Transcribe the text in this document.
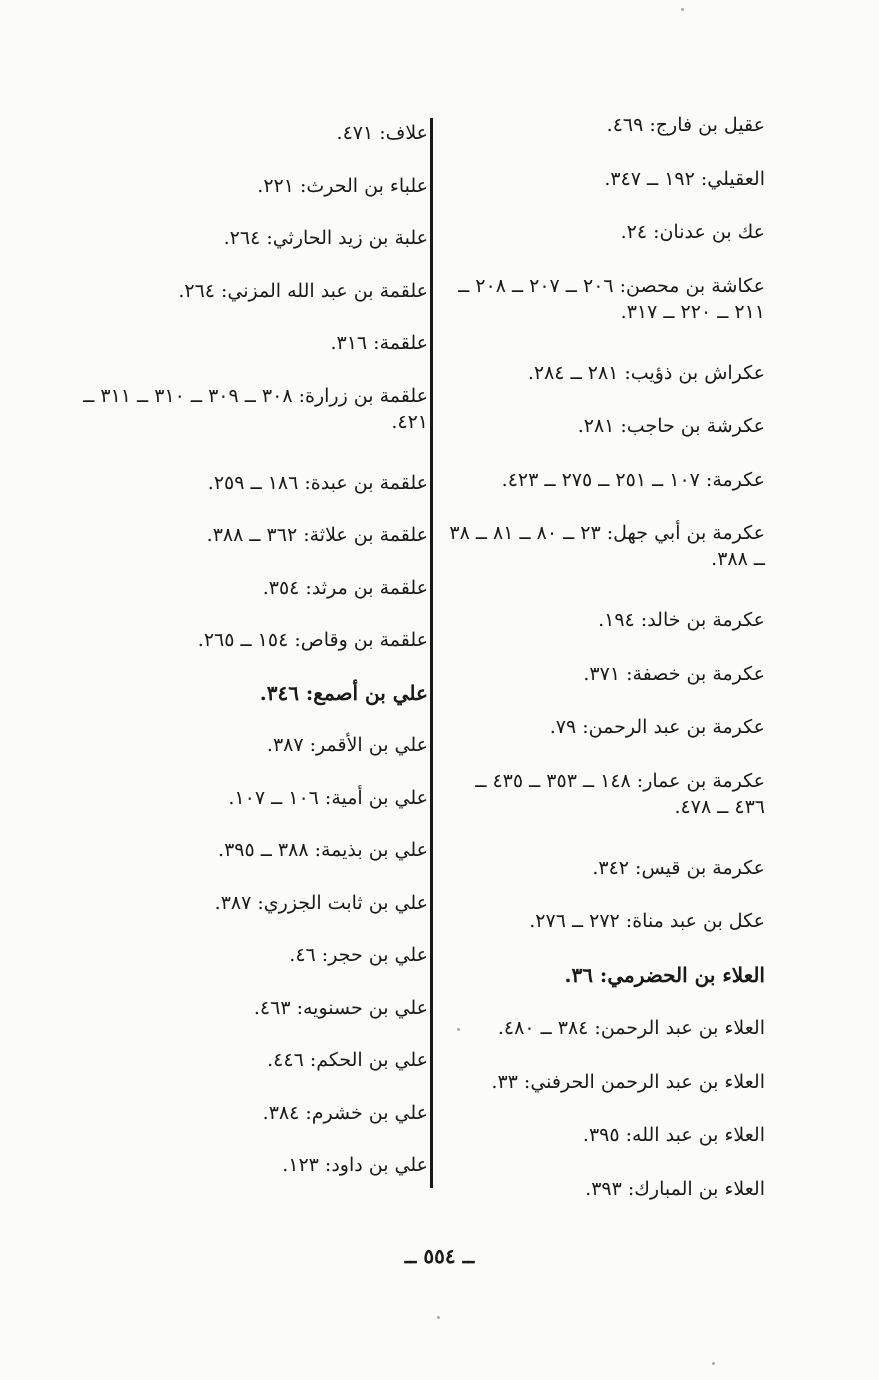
عقيل بن فارج: ٤٦٩.
العقيلي: ١٩٢ ــ ٣٤٧.
عك بن عدنان: ٢٤.
عكاشة بن محصن: ٢٠٦ ــ ٢٠٧ ــ ٢٠٨ ــ ٢١١ ــ ٢٢٠ ــ ٣١٧.
عكراش بن ذؤيب: ٢٨١ ــ ٢٨٤.
عكرشة بن حاجب: ٢٨١.
عكرمة: ١٠٧ ــ ٢٥١ ــ ٢٧٥ ــ ٤٢٣.
عكرمة بن أبي جهل: ٢٣ ــ ٨٠ ــ ٨١ ــ ٣٨ ــ ٣٨٨.
عكرمة بن خالد: ١٩٤.
عكرمة بن خصفة: ٣٧١.
عكرمة بن عبد الرحمن: ٧٩.
عكرمة بن عمار: ١٤٨ ــ ٣٥٣ ــ ٤٣٥ ــ ٤٣٦ ــ ٤٧٨.
عكرمة بن قيس: ٣٤٢.
عكل بن عبد مناة: ٢٧٢ ــ ٢٧٦.
العلاء بن الحضرمي: ٣٦.
العلاء بن عبد الرحمن: ٣٨٤ ــ ٤٨٠.
العلاء بن عبد الرحمن الحرفني: ٣٣.
العلاء بن عبد الله: ٣٩٥.
العلاء بن المبارك: ٣٩٣.
علاف: ٤٧١.
علباء بن الحرث: ٢٢١.
علبة بن زيد الحارثي: ٢٦٤.
علقمة بن عبد الله المزني: ٢٦٤.
علقمة: ٣١٦.
علقمة بن زرارة: ٣٠٨ ــ ٣٠٩ ــ ٣١٠ ــ ٣١١ ــ ٤٢١.
علقمة بن عبدة: ١٨٦ ــ ٢٥٩.
علقمة بن علاثة: ٣٦٢ ــ ٣٨٨.
علقمة بن مرثد: ٣٥٤.
علقمة بن وقاص: ١٥٤ ــ ٢٦٥.
علي بن أصمع: ٣٤٦.
علي بن الأقمر: ٣٨٧.
علي بن أمية: ١٠٦ ــ ١٠٧.
علي بن بذيمة: ٣٨٨ ــ ٣٩٥.
علي بن ثابت الجزري: ٣٨٧.
علي بن حجر: ٤٦.
علي بن حسنويه: ٤٦٣.
علي بن الحكم: ٤٤٦.
علي بن خشرم: ٣٨٤.
علي بن داود: ١٢٣.
ــ ٥٥٤ ــ
